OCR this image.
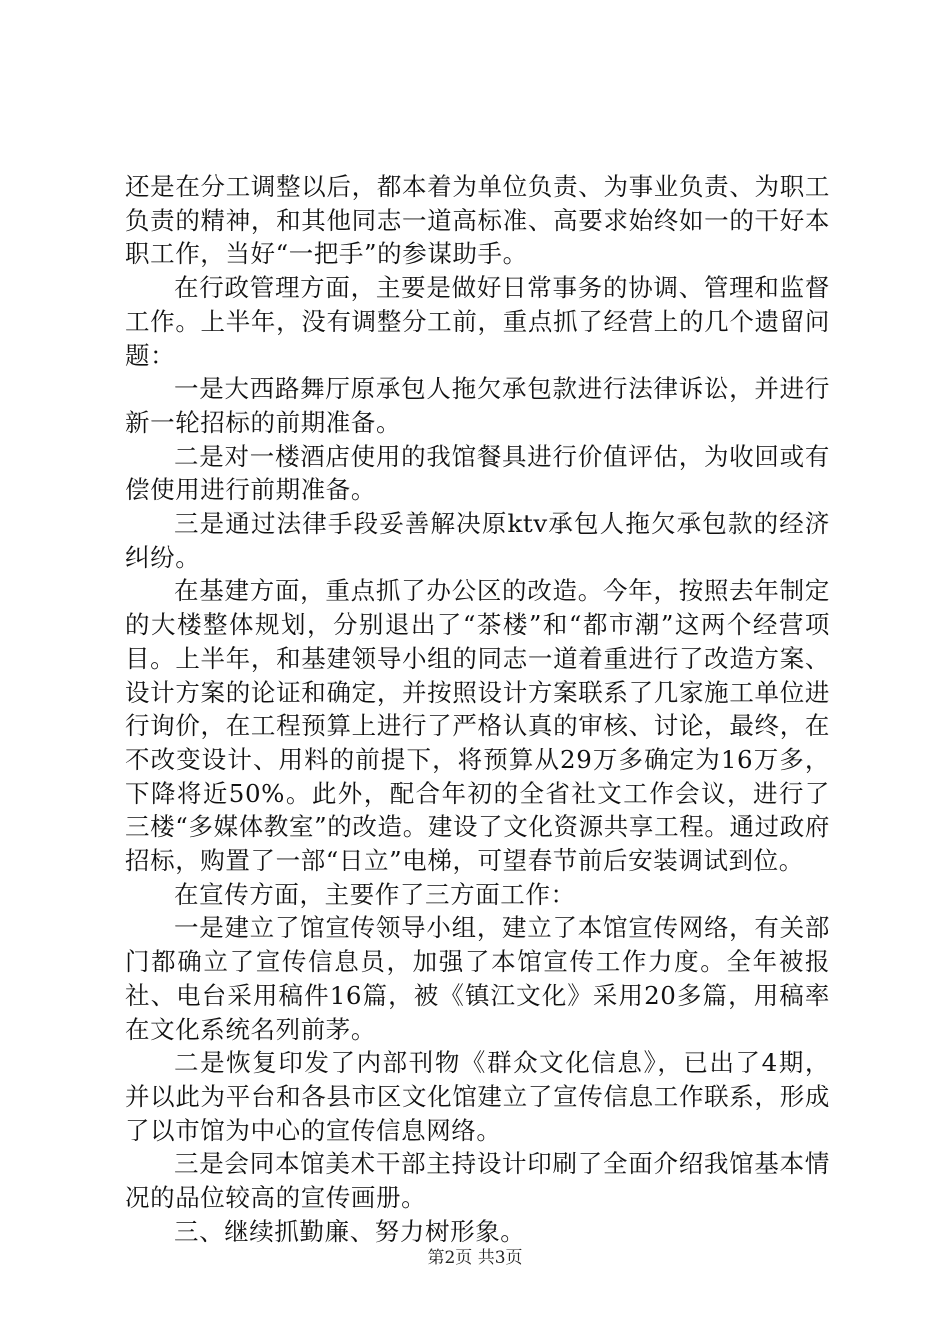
还是在分工调整以后，都本着为单位负责、为事业负责、为职工负责的精神，和其他同志一道高标准、高要求始终如一的干好本职工作，当好“一把手”的参谋助手。

在行政管理方面，主要是做好日常事务的协调、管理和监督工作。上半年，没有调整分工前，重点抓了经营上的几个遗留问题：

一是大西路舞厅原承包人拖欠承包款进行法律诉讼，并进行新一轮招标的前期准备。

二是对一楼酒店使用的我馆餐具进行价值评估，为收回或有偿使用进行前期准备。

三是通过法律手段妥善解决原ktv承包人拖欠承包款的经济纠纷。

在基建方面，重点抓了办公区的改造。今年，按照去年制定的大楼整体规划，分别退出了“茶楼”和“都市潮”这两个经营项目。上半年，和基建领导小组的同志一道着重进行了改造方案、设计方案的论证和确定，并按照设计方案联系了几家施工单位进行询价，在工程预算上进行了严格认真的审核、讨论，最终，在不改变设计、用料的前提下，将预算从29万多确定为16万多，下降将近50%。此外，配合年初的全省社文工作会议，进行了三楼“多媒体教室”的改造。建设了文化资源共享工程。通过政府招标，购置了一部“日立”电梯，可望春节前后安装调试到位。

在宣传方面，主要作了三方面工作：

一是建立了馆宣传领导小组，建立了本馆宣传网络，有关部门都确立了宣传信息员，加强了本馆宣传工作力度。全年被报社、电台采用稿件16篇，被《镇江文化》采用20多篇，用稿率在文化系统名列前茅。

二是恢复印发了内部刊物《群众文化信息》，已出了4期，并以此为平台和各县市区文化馆建立了宣传信息工作联系，形成了以市馆为中心的宣传信息网络。

三是会同本馆美术干部主持设计印刷了全面介绍我馆基本情况的品位较高的宣传画册。

三、继续抓勤廉、努力树形象。

第2页 共3页
